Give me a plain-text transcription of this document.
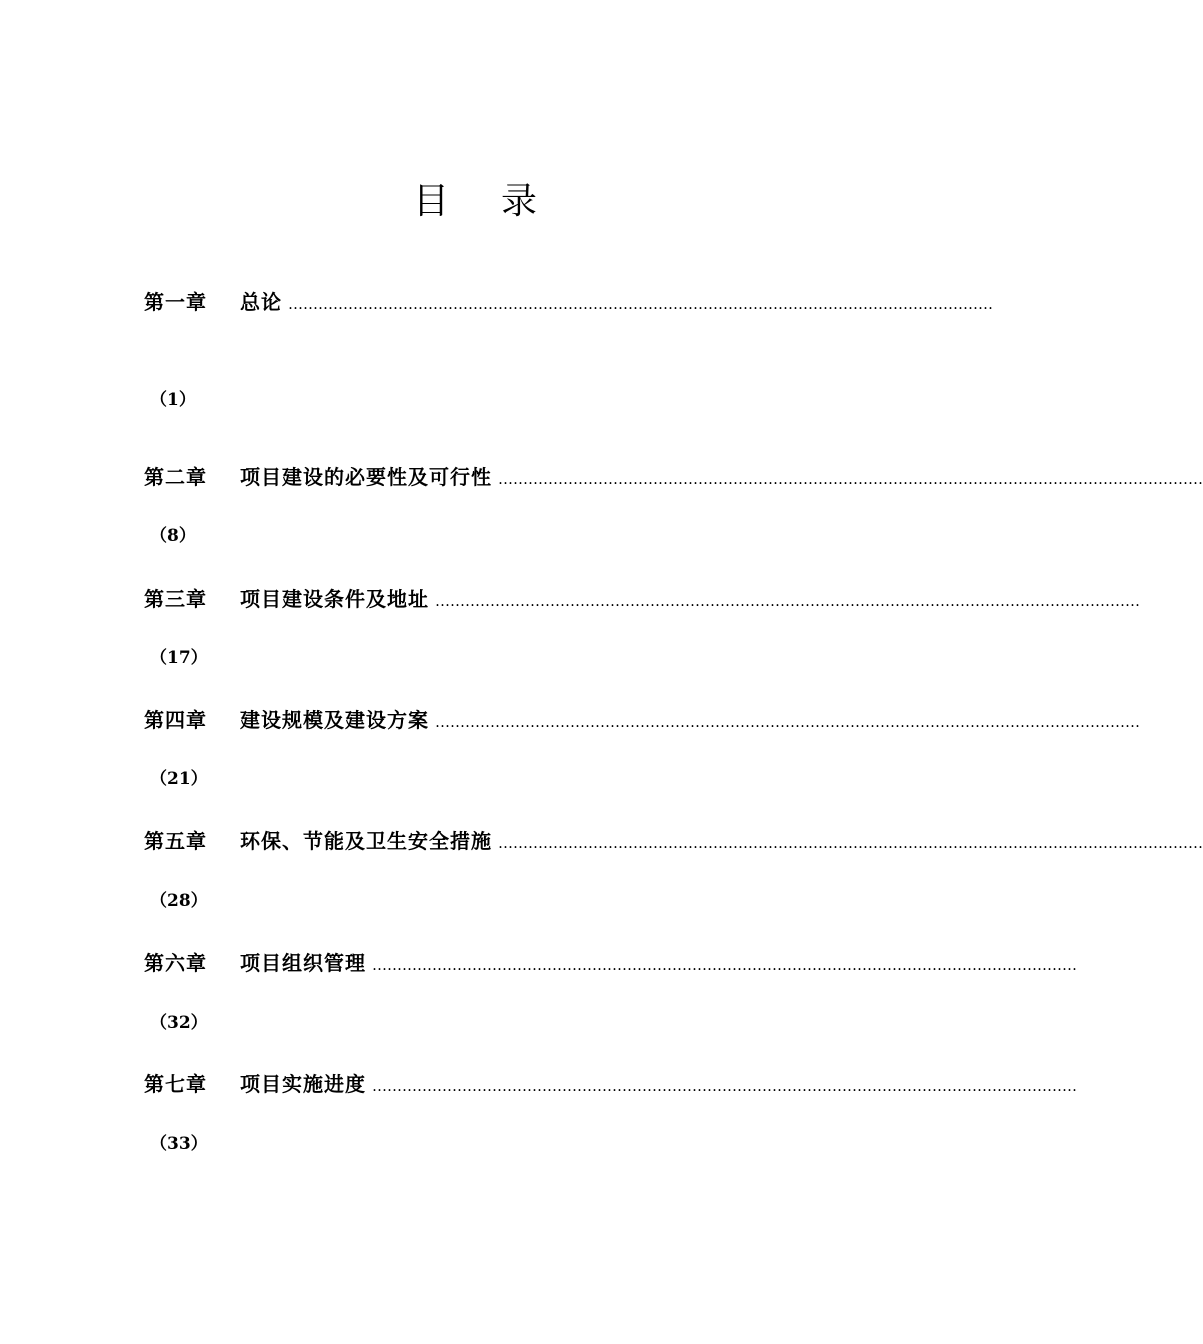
目 录
第一章	总论 ……………………………………………………………………………………………………………………………
（1）
第二章	项目建设的必要性及可行性 ……………………………………………………………………………………………………………………………
（8）
第三章	项目建设条件及地址 ……………………………………………………………………………………………………………………………
（17）
第四章	建设规模及建设方案 ……………………………………………………………………………………………………………………………
（21）
第五章	环保、节能及卫生安全措施 ……………………………………………………………………………………………………………………………
（28）
第六章	项目组织管理 ……………………………………………………………………………………………………………………………
（32）
第七章	项目实施进度 ……………………………………………………………………………………………………………………………
（33）
